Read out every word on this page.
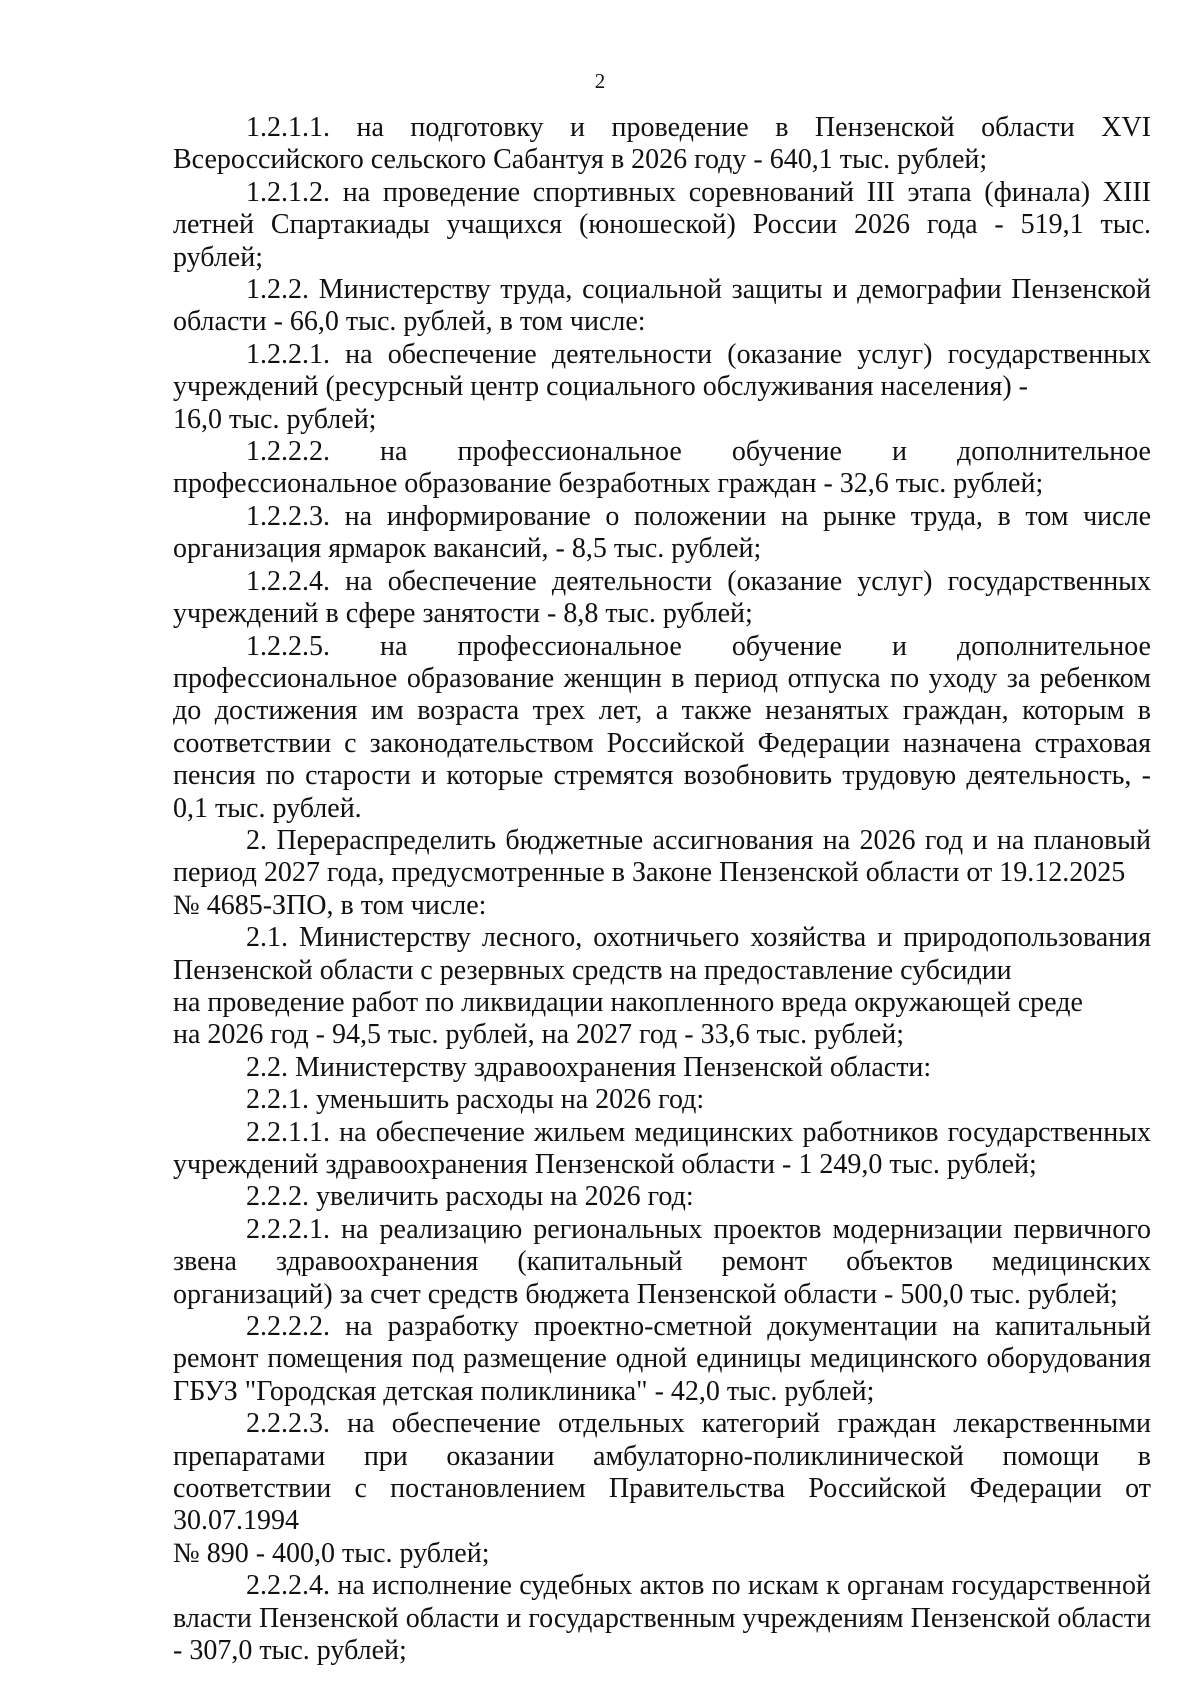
2

1.2.1.1. на подготовку и проведение в Пензенской области XVI Всероссийского сельского Сабантуя в 2026 году - 640,1 тыс. рублей;

1.2.1.2. на проведение спортивных соревнований III этапа (финала) XIII летней Спартакиады учащихся (юношеской) России 2026 года - 519,1 тыс. рублей;

1.2.2. Министерству труда, социальной защиты и демографии Пензенской области - 66,0 тыс. рублей, в том числе:

1.2.2.1. на обеспечение деятельности (оказание услуг) государственных учреждений (ресурсный центр социального обслуживания населения) -
16,0 тыс. рублей;

1.2.2.2. на профессиональное обучение и дополнительное профессиональное образование безработных граждан - 32,6 тыс. рублей;

1.2.2.3. на информирование о положении на рынке труда, в том числе организация ярмарок вакансий, - 8,5 тыс. рублей;

1.2.2.4. на обеспечение деятельности (оказание услуг) государственных учреждений в сфере занятости - 8,8 тыс. рублей;

1.2.2.5. на профессиональное обучение и дополнительное профессиональное образование женщин в период отпуска по уходу за ребенком до достижения им возраста трех лет, а также незанятых граждан, которым в соответствии с законодательством Российской Федерации назначена страховая пенсия по старости и которые стремятся возобновить трудовую деятельность, - 0,1 тыс. рублей.

2. Перераспределить бюджетные ассигнования на 2026 год и на плановый период 2027 года, предусмотренные в Законе Пензенской области от 19.12.2025
№ 4685-ЗПО, в том числе:

2.1. Министерству лесного, охотничьего хозяйства и природопользования Пензенской области с резервных средств на предоставление субсидии
на проведение работ по ликвидации накопленного вреда окружающей среде
на 2026 год - 94,5 тыс. рублей, на 2027 год - 33,6 тыс. рублей;

2.2. Министерству здравоохранения Пензенской области:

2.2.1. уменьшить расходы на 2026 год:

2.2.1.1. на обеспечение жильем медицинских работников государственных учреждений здравоохранения Пензенской области - 1 249,0 тыс. рублей;

2.2.2. увеличить расходы на 2026 год:

2.2.2.1. на реализацию региональных проектов модернизации первичного звена здравоохранения (капитальный ремонт объектов медицинских организаций) за счет средств бюджета Пензенской области - 500,0 тыс. рублей;

2.2.2.2. на разработку проектно-сметной документации на капитальный ремонт помещения под размещение одной единицы медицинского оборудования ГБУЗ "Городская детская поликлиника" - 42,0 тыс. рублей;

2.2.2.3. на обеспечение отдельных категорий граждан лекарственными препаратами при оказании амбулаторно-поликлинической помощи в соответствии с постановлением Правительства Российской Федерации от 30.07.1994
№ 890 - 400,0 тыс. рублей;

2.2.2.4. на исполнение судебных актов по искам к органам государственной власти Пензенской области и государственным учреждениям Пензенской области - 307,0 тыс. рублей;
